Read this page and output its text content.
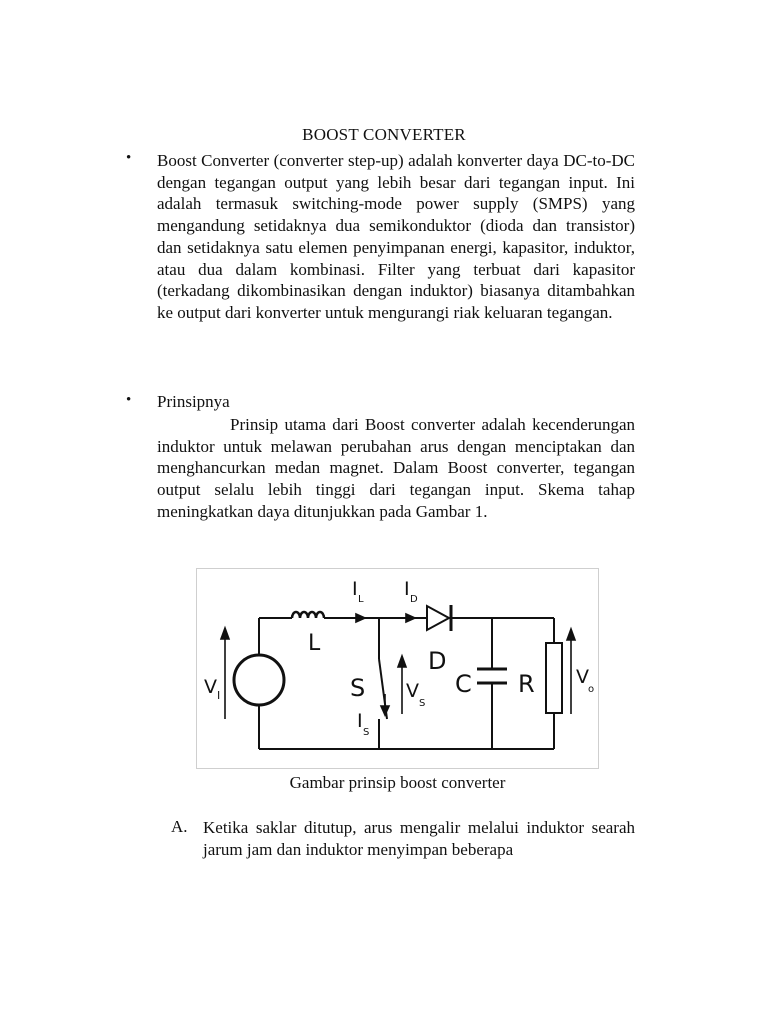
BOOST CONVERTER
• Boost Converter (converter step-up) adalah konverter daya DC-to-DC dengan tegangan output yang lebih besar dari tegangan input. Ini adalah termasuk switching-mode power supply (SMPS) yang mengandung setidaknya dua semikonduktor (dioda dan transistor) dan setidaknya satu elemen penyimpanan energi, kapasitor, induktor, atau dua dalam kombinasi. Filter yang terbuat dari kapasitor (terkadang dikombinasikan dengan induktor) biasanya ditambahkan ke output dari konverter untuk mengurangi riak keluaran tegangan.
• Prinsipnya
Prinsip utama dari Boost converter adalah kecenderungan induktor untuk melawan perubahan arus dengan menciptakan dan menghancurkan medan magnet. Dalam Boost converter, tegangan output selalu lebih tinggi dari tegangan input. Skema tahap meningkatkan daya ditunjukkan pada Gambar 1.
V I
L
I L I D
D
S V
S
I
S
C R V
o
Gambar prinsip boost converter
A. Ketika saklar ditutup, arus mengalir melalui induktor searah jarum jam dan induktor menyimpan beberapa
